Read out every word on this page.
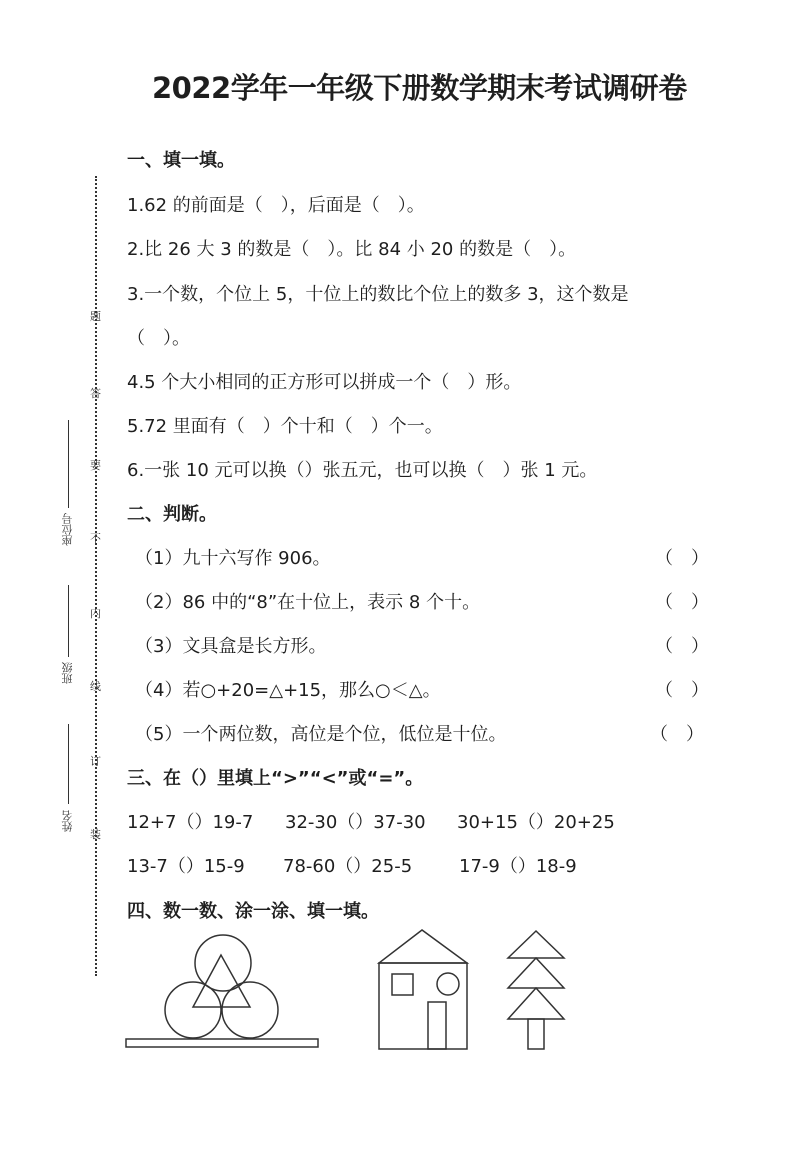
2022学年一年级下册数学期末考试调研卷
题
答
要
不
内
线
订
装
座位号
班级
姓名
一、填一填。
1.62 的前面是（　），后面是（　）。
2.比 26 大 3 的数是（　）。比 84 小 20 的数是（　）。
3.一个数，个位上 5，十位上的数比个位上的数多 3，这个数是
（　）。
4.5 个大小相同的正方形可以拼成一个（　）形。
5.72 里面有（　）个十和（　）个一。
6.一张 10 元可以换（）张五元，也可以换（　）张 1 元。
二、判断。
（1）九十六写作 906。	（　）
（2）86 中的“8”在十位上，表示 8 个十。	（　）
（3）文具盒是长方形。	（　）
（4）若○+20=△+15，那么○＜△。	（　）
（5）一个两位数，高位是个位，低位是十位。	（　）
三、在（）里填上“>”“<”或“=”。
12+7（）19-7 32-30（）37-30 30+15（）20+25
13-7（）15-9 78-60（）25-5	17-9（）18-9
四、数一数、涂一涂、填一填。
